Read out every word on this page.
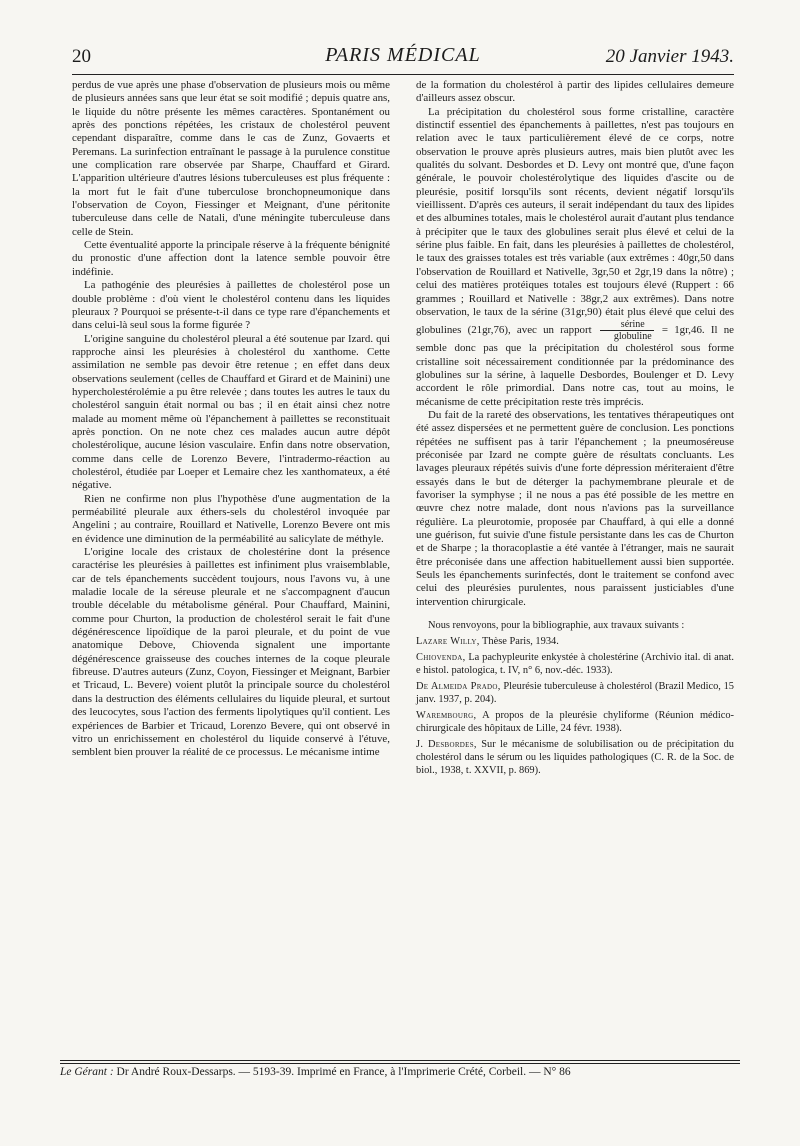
20	PARIS MÉDICAL	20 Janvier 1943.

perdus de vue après une phase d'observation de plusieurs mois ou même de plusieurs années sans que leur état se soit modifié ; depuis quatre ans, le liquide du nôtre présente les mêmes caractères. Spontanément ou après des ponctions répétées, les cristaux de cholestérol peuvent cependant disparaître, comme dans le cas de Zunz, Govaerts et Peremans. La surinfection entraînant le passage à la purulence constitue une complication rare observée par Sharpe, Chauffard et Girard. L'apparition ultérieure d'autres lésions tuberculeuses est plus fréquente : la mort fut le fait d'une tuberculose bronchopneumonique dans l'observation de Coyon, Fiessinger et Meignant, d'une péritonite tuberculeuse dans celle de Natali, d'une méningite tuberculeuse dans celle de Stein.

Cette éventualité apporte la principale réserve à la fréquente bénignité du pronostic d'une affection dont la latence semble pouvoir être indéfinie.

La pathogénie des pleurésies à paillettes de cholestérol pose un double problème : d'où vient le cholestérol contenu dans les liquides pleuraux ? Pourquoi se présente-t-il dans ce type rare d'épanchements et dans celui-là seul sous la forme figurée ?

L'origine sanguine du cholestérol pleural a été soutenue par Izard. qui rapproche ainsi les pleurésies à cholestérol du xanthome. Cette assimilation ne semble pas devoir être retenue ; en effet dans deux observations seulement (celles de Chauffard et Girard et de Mainini) une hypercholestérolémie a pu être relevée ; dans toutes les autres le taux du cholestérol sanguin était normal ou bas ; il en était ainsi chez notre malade au moment même où l'épanchement à paillettes se reconstituait après ponction. On ne note chez ces malades aucun autre dépôt cholestérolique, aucune lésion vasculaire. Enfin dans notre observation, comme dans celle de Lorenzo Bevere, l'intradermo-réaction au cholestérol, étudiée par Loeper et Lemaire chez les xanthomateux, a été négative.

Rien ne confirme non plus l'hypothèse d'une augmentation de la perméabilité pleurale aux éthers-sels du cholestérol invoquée par Angelini ; au contraire, Rouillard et Nativelle, Lorenzo Bevere ont mis en évidence une diminution de la perméabilité au salicylate de méthyle.

L'origine locale des cristaux de cholestérine dont la présence caractérise les pleurésies à paillettes est infiniment plus vraisemblable, car de tels épanchements succèdent toujours, nous l'avons vu, à une maladie locale de la séreuse pleurale et ne s'accompagnent d'aucun trouble décelable du métabolisme général. Pour Chauffard, Mainini, comme pour Churton, la production de cholestérol serait le fait d'une dégénérescence lipoïdique de la paroi pleurale, et du point de vue anatomique Debove, Chiovenda signalent une importante dégénérescence graisseuse des couches internes de la coque pleurale fibreuse. D'autres auteurs (Zunz, Coyon, Fiessinger et Meignant, Barbier et Tricaud, L. Bevere) voient plutôt la principale source du cholestérol dans la destruction des éléments cellulaires du liquide pleural, et surtout des leucocytes, sous l'action des ferments lipolytiques qu'il contient. Les expériences de Barbier et Tricaud, Lorenzo Bevere, qui ont observé in vitro un enrichissement en cholestérol du liquide conservé à l'étuve, semblent bien prouver la réalité de ce processus. Le mécanisme intime

de la formation du cholestérol à partir des lipides cellulaires demeure d'ailleurs assez obscur.

La précipitation du cholestérol sous forme cristalline, caractère distinctif essentiel des épanchements à paillettes, n'est pas toujours en relation avec le taux particulièrement élevé de ce corps, notre observation le prouve après plusieurs autres, mais bien plutôt avec les qualités du solvant. Desbordes et D. Levy ont montré que, d'une façon générale, le pouvoir cholestérolytique des liquides d'ascite ou de pleurésie, positif lorsqu'ils sont récents, devient négatif lorsqu'ils vieillissent. D'après ces auteurs, il serait indépendant du taux des lipides et des albumines totales, mais le cholestérol aurait d'autant plus tendance à précipiter que le taux des globulines serait plus élevé et celui de la sérine plus faible. En fait, dans les pleurésies à paillettes de cholestérol, le taux des graisses totales est très variable (aux extrêmes : 40gr,50 dans l'observation de Rouillard et Nativelle, 3gr,50 et 2gr,19 dans la nôtre) ; celui des matières protéiques totales est toujours élevé (Ruppert : 66 grammes ; Rouillard et Nativelle : 38gr,2 aux extrêmes). Dans notre observation, le taux de la sérine (31gr,90) était plus élevé que celui des globulines (21gr,76), avec un rapport $\frac{\text{sérine}}{\text{globuline}} = 1gr,46$. Il ne semble donc pas que la précipitation du cholestérol sous forme cristalline soit nécessairement conditionnée par la prédominance des globulines sur la sérine, à laquelle Desbordes, Boulenger et D. Levy accordent le rôle primordial. Dans notre cas, tout au moins, le mécanisme de cette précipitation reste très imprécis.

Du fait de la rareté des observations, les tentatives thérapeutiques ont été assez dispersées et ne permettent guère de conclusion. Les ponctions répétées ne suffisent pas à tarir l'épanchement ; la pneumoséreuse préconisée par Izard ne compte guère de résultats concluants. Les lavages pleuraux répétés suivis d'une forte dépression mériteraient d'être essayés dans le but de déterger la pachymembrane pleurale et de favoriser la symphyse ; il ne nous a pas été possible de les mettre en œuvre chez notre malade, dont nous n'avions pas la surveillance régulière. La pleurotomie, proposée par Chauffard, à qui elle a donné une guérison, fut suivie d'une fistule persistante dans les cas de Churton et de Sharpe ; la thoracoplastie a été vantée à l'étranger, mais ne saurait être préconisée dans une affection habituellement aussi bien supportée. Seuls les épanchements surinfectés, dont le traitement se confond avec celui des pleurésies purulentes, nous paraissent justiciables d'une intervention chirurgicale.

Nous renvoyons, pour la bibliographie, aux travaux suivants :

Lazare Willy, Thèse Paris, 1934.

Chiovenda, La pachypleurite enkystée à cholestérine (Archivio ital. di anat. e histol. patologica, t. IV, n° 6, nov.-déc. 1933).

De Almeida Prado, Pleurésie tuberculeuse à cholestérol (Brazil Medico, 15 janv. 1937, p. 204).

Warembourg, A propos de la pleurésie chyliforme (Réunion médico-chirurgicale des hôpitaux de Lille, 24 févr. 1938).

J. Desbordes, Sur le mécanisme de solubilisation ou de précipitation du cholestérol dans le sérum ou les liquides pathologiques (C. R. de la Soc. de biol., 1938, t. XXVII, p. 869).

Le Gérant : Dr André Roux-Dessarps. — 5193-39. Imprimé en France, à l'Imprimerie Crété, Corbeil. — N° 86
